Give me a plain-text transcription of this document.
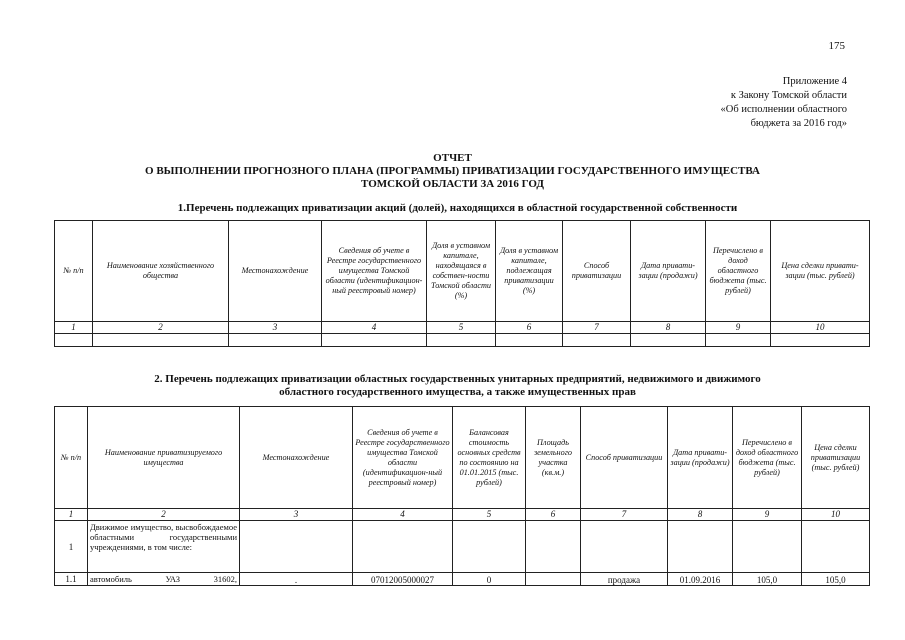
175
Приложение 4
к Закону Томской области
«Об исполнении областного
бюджета за 2016 год»
ОТЧЕТ
О ВЫПОЛНЕНИИ ПРОГНОЗНОГО ПЛАНА (ПРОГРАММЫ) ПРИВАТИЗАЦИИ ГОСУДАРСТВЕННОГО ИМУЩЕСТВА
ТОМСКОЙ ОБЛАСТИ ЗА 2016 ГОД
1.Перечень подлежащих приватизации акций (долей), находящихся в областной государственной собственности
№ п/п	Наименование хозяйственного общества	Местонахождение	Сведения об учете в Реестре государственного имущества Томской области (идентификацион-ный реестровый номер)	Доля в уставном капитале, находящаяся в собствен-ности Томской области (%)	Доля в уставном капитале, подлежащая приватизации (%)	Способ приватизации	Дата привати-зации (продажи)	Перечислено в доход областного бюджета (тыс. рублей)	Цена сделки привати-зации (тыс. рублей)
1	2	3	4	5	6	7	8	9	10

2. Перечень подлежащих приватизации областных государственных унитарных предприятий, недвижимого и движимого
областного государственного имущества, а также имущественных прав
№ п/п	Наименование приватизируемого имущества	Местонахождение	Сведения об учете в Реестре государственного имущества Томской области (идентификацион-ный реестровый номер)	Балансовая стоимость основных средств по состоянию на 01.01.2015 (тыс. рублей)	Площадь земельного участка (кв.м.)	Способ приватизации	Дата привати-зации (продажи)	Перечислено в доход областного бюджета (тыс. рублей)	Цена сделки приватизации (тыс. рублей)
1	2	3	4	5	6	7	8	9	10
1	Движимое имущество, высвобождаемое областными государственными учреждениями, в том числе:								
1.1	автомобиль УАЗ 31602,	.	07012005000027	0		продажа	01.09.2016	105,0	105,0
